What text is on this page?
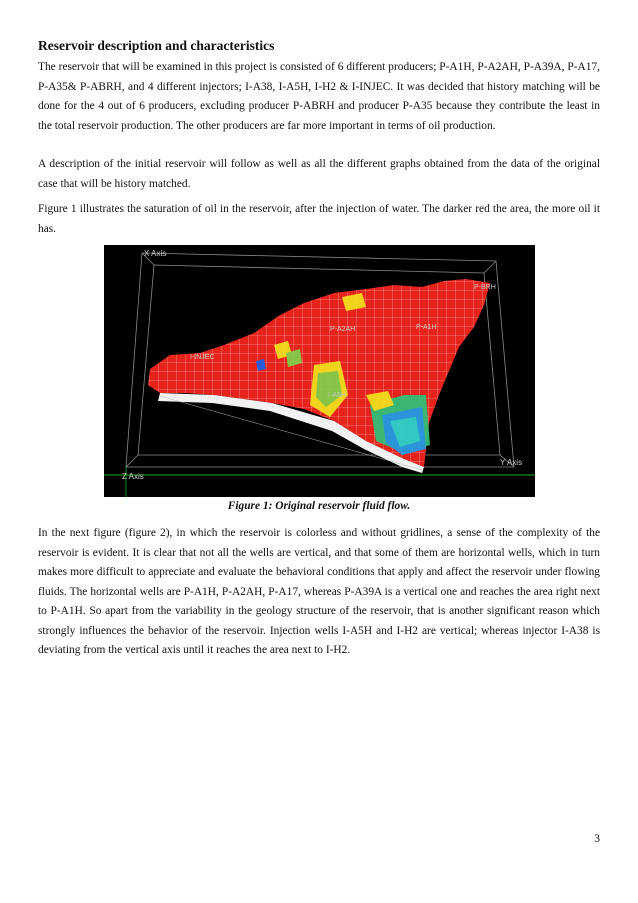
Reservoir description and characteristics
The reservoir that will be examined in this project is consisted of 6 different producers; P-A1H, P-A2AH, P-A39A, P-A17, P-A35& P-ABRH, and 4 different injectors; I-A38, I-A5H, I-H2 & I-INJEC. It was decided that history matching will be done for the 4 out of 6 producers, excluding producer P-ABRH and producer P-A35 because they contribute the least in the total reservoir production. The other producers are far more important in terms of oil production.
A description of the initial reservoir will follow as well as all the different graphs obtained from the data of the original case that will be history matched.
Figure 1 illustrates the saturation of oil in the reservoir, after the injection of water. The darker red the area, the more oil it has.
X Axis
Y Axis
Z Axis
P-BRH
P-A2AH	P-A1H
I-INJEC
I-A5H
Figure 1: Original reservoir fluid flow.
In the next figure (figure 2), in which the reservoir is colorless and without gridlines, a sense of the complexity of the reservoir is evident. It is clear that not all the wells are vertical, and that some of them are horizontal wells, which in turn makes more difficult to appreciate and evaluate the behavioral conditions that apply and affect the reservoir under flowing fluids. The horizontal wells are P-A1H, P-A2AH, P-A17, whereas P-A39A is a vertical one and reaches the area right next to P-A1H. So apart from the variability in the geology structure of the reservoir, that is another significant reason which strongly influences the behavior of the reservoir. Injection wells I-A5H and I-H2 are vertical; whereas injector I-A38 is deviating from the vertical axis until it reaches the area next to I-H2.
3
